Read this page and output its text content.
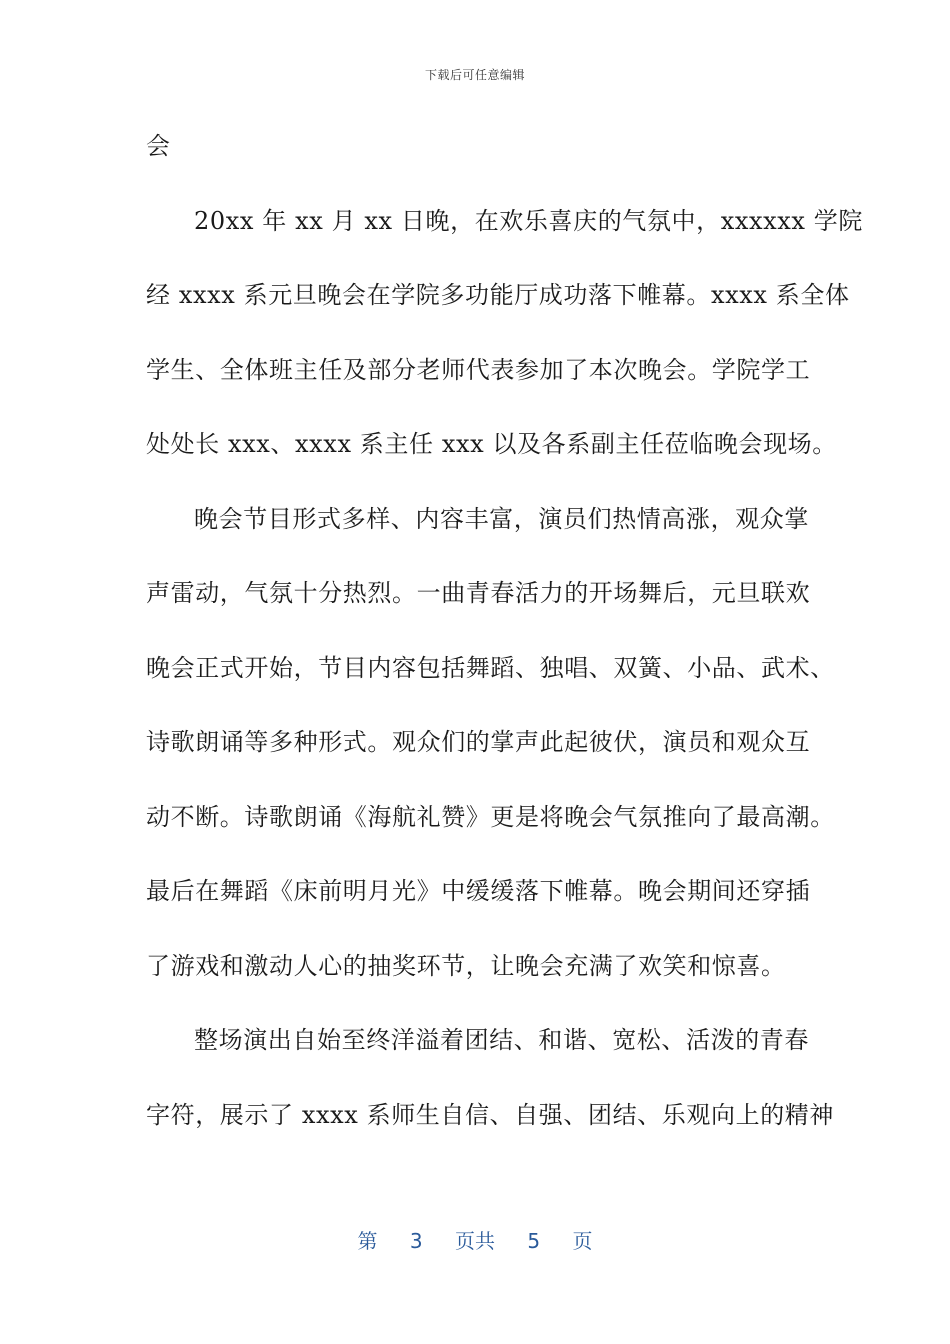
下载后可任意编辑
会
20xx 年 xx 月 xx 日晚，在欢乐喜庆的气氛中，xxxxxx 学院
经 xxxx 系元旦晚会在学院多功能厅成功落下帷幕。xxxx 系全体
学生、全体班主任及部分老师代表参加了本次晚会。学院学工
处处长 xxx、xxxx 系主任 xxx 以及各系副主任莅临晚会现场。
晚会节目形式多样、内容丰富，演员们热情高涨，观众掌
声雷动，气氛十分热烈。一曲青春活力的开场舞后，元旦联欢
晚会正式开始，节目内容包括舞蹈、独唱、双簧、小品、武术、
诗歌朗诵等多种形式。观众们的掌声此起彼伏，演员和观众互
动不断。诗歌朗诵《海航礼赞》更是将晚会气氛推向了最高潮。
最后在舞蹈《床前明月光》中缓缓落下帷幕。晚会期间还穿插
了游戏和激动人心的抽奖环节，让晚会充满了欢笑和惊喜。
整场演出自始至终洋溢着团结、和谐、宽松、活泼的青春
字符，展示了 xxxx 系师生自信、自强、团结、乐观向上的精神
第 3 页共 5 页
